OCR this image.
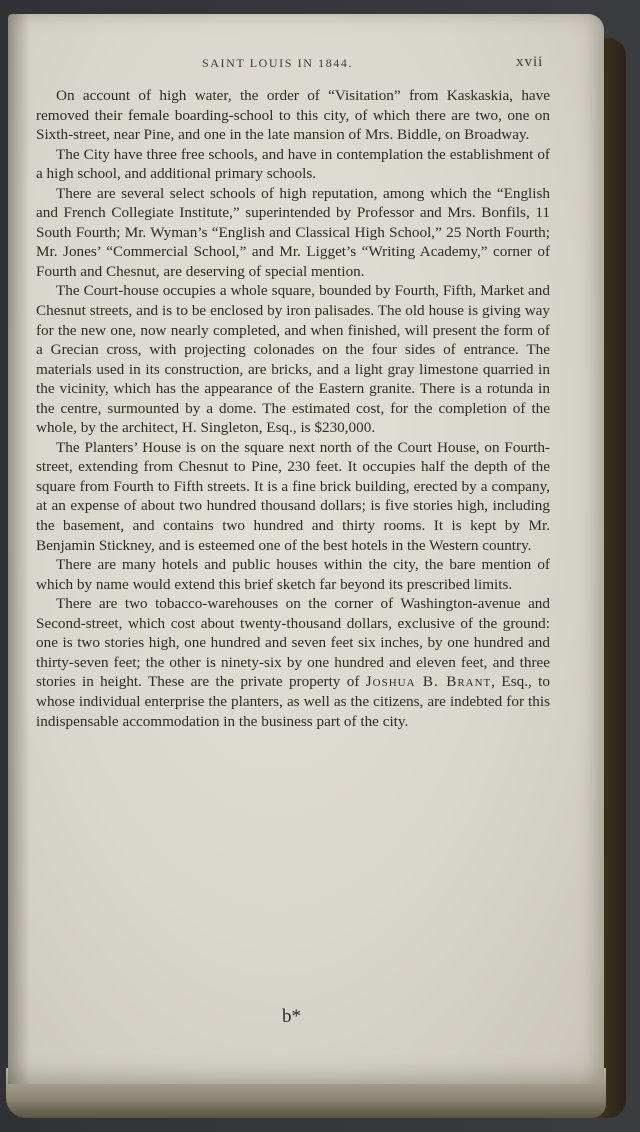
SAINT LOUIS IN 1844.	xvii

On account of high water, the order of “Visitation” from Kaskaskia, have removed their female boarding-school to this city, of which there are two, one on Sixth-street, near Pine, and one in the late mansion of Mrs. Biddle, on Broadway.

The City have three free schools, and have in contemplation the establishment of a high school, and additional primary schools.

There are several select schools of high reputation, among which the “English and French Collegiate Institute,” superintended by Professor and Mrs. Bonfils, 11 South Fourth; Mr. Wyman’s “English and Classical High School,” 25 North Fourth; Mr. Jones’ “Commercial School,” and Mr. Ligget’s “Writing Academy,” corner of Fourth and Chesnut, are deserving of special mention.

The Court-house occupies a whole square, bounded by Fourth, Fifth, Market and Chesnut streets, and is to be enclosed by iron palisades. The old house is giving way for the new one, now nearly completed, and when finished, will present the form of a Grecian cross, with projecting colonades on the four sides of entrance. The materials used in its construction, are bricks, and a light gray limestone quarried in the vicinity, which has the appearance of the Eastern granite. There is a rotunda in the centre, surmounted by a dome. The estimated cost, for the completion of the whole, by the architect, H. Singleton, Esq., is $230,000.

The Planters’ House is on the square next north of the Court House, on Fourth-street, extending from Chesnut to Pine, 230 feet. It occupies half the depth of the square from Fourth to Fifth streets. It is a fine brick building, erected by a company, at an expense of about two hundred thousand dollars; is five stories high, including the basement, and contains two hundred and thirty rooms. It is kept by Mr. Benjamin Stickney, and is esteemed one of the best hotels in the Western country.

There are many hotels and public houses within the city, the bare mention of which by name would extend this brief sketch far beyond its prescribed limits.

There are two tobacco-warehouses on the corner of Washington-avenue and Second-street, which cost about twenty-thousand dollars, exclusive of the ground: one is two stories high, one hundred and seven feet six inches, by one hundred and thirty-seven feet; the other is ninety-six by one hundred and eleven feet, and three stories in height. These are the private property of Joshua B. Brant, Esq., to whose individual enterprise the planters, as well as the citizens, are indebted for this indispensable accommodation in the business part of the city.

b*
